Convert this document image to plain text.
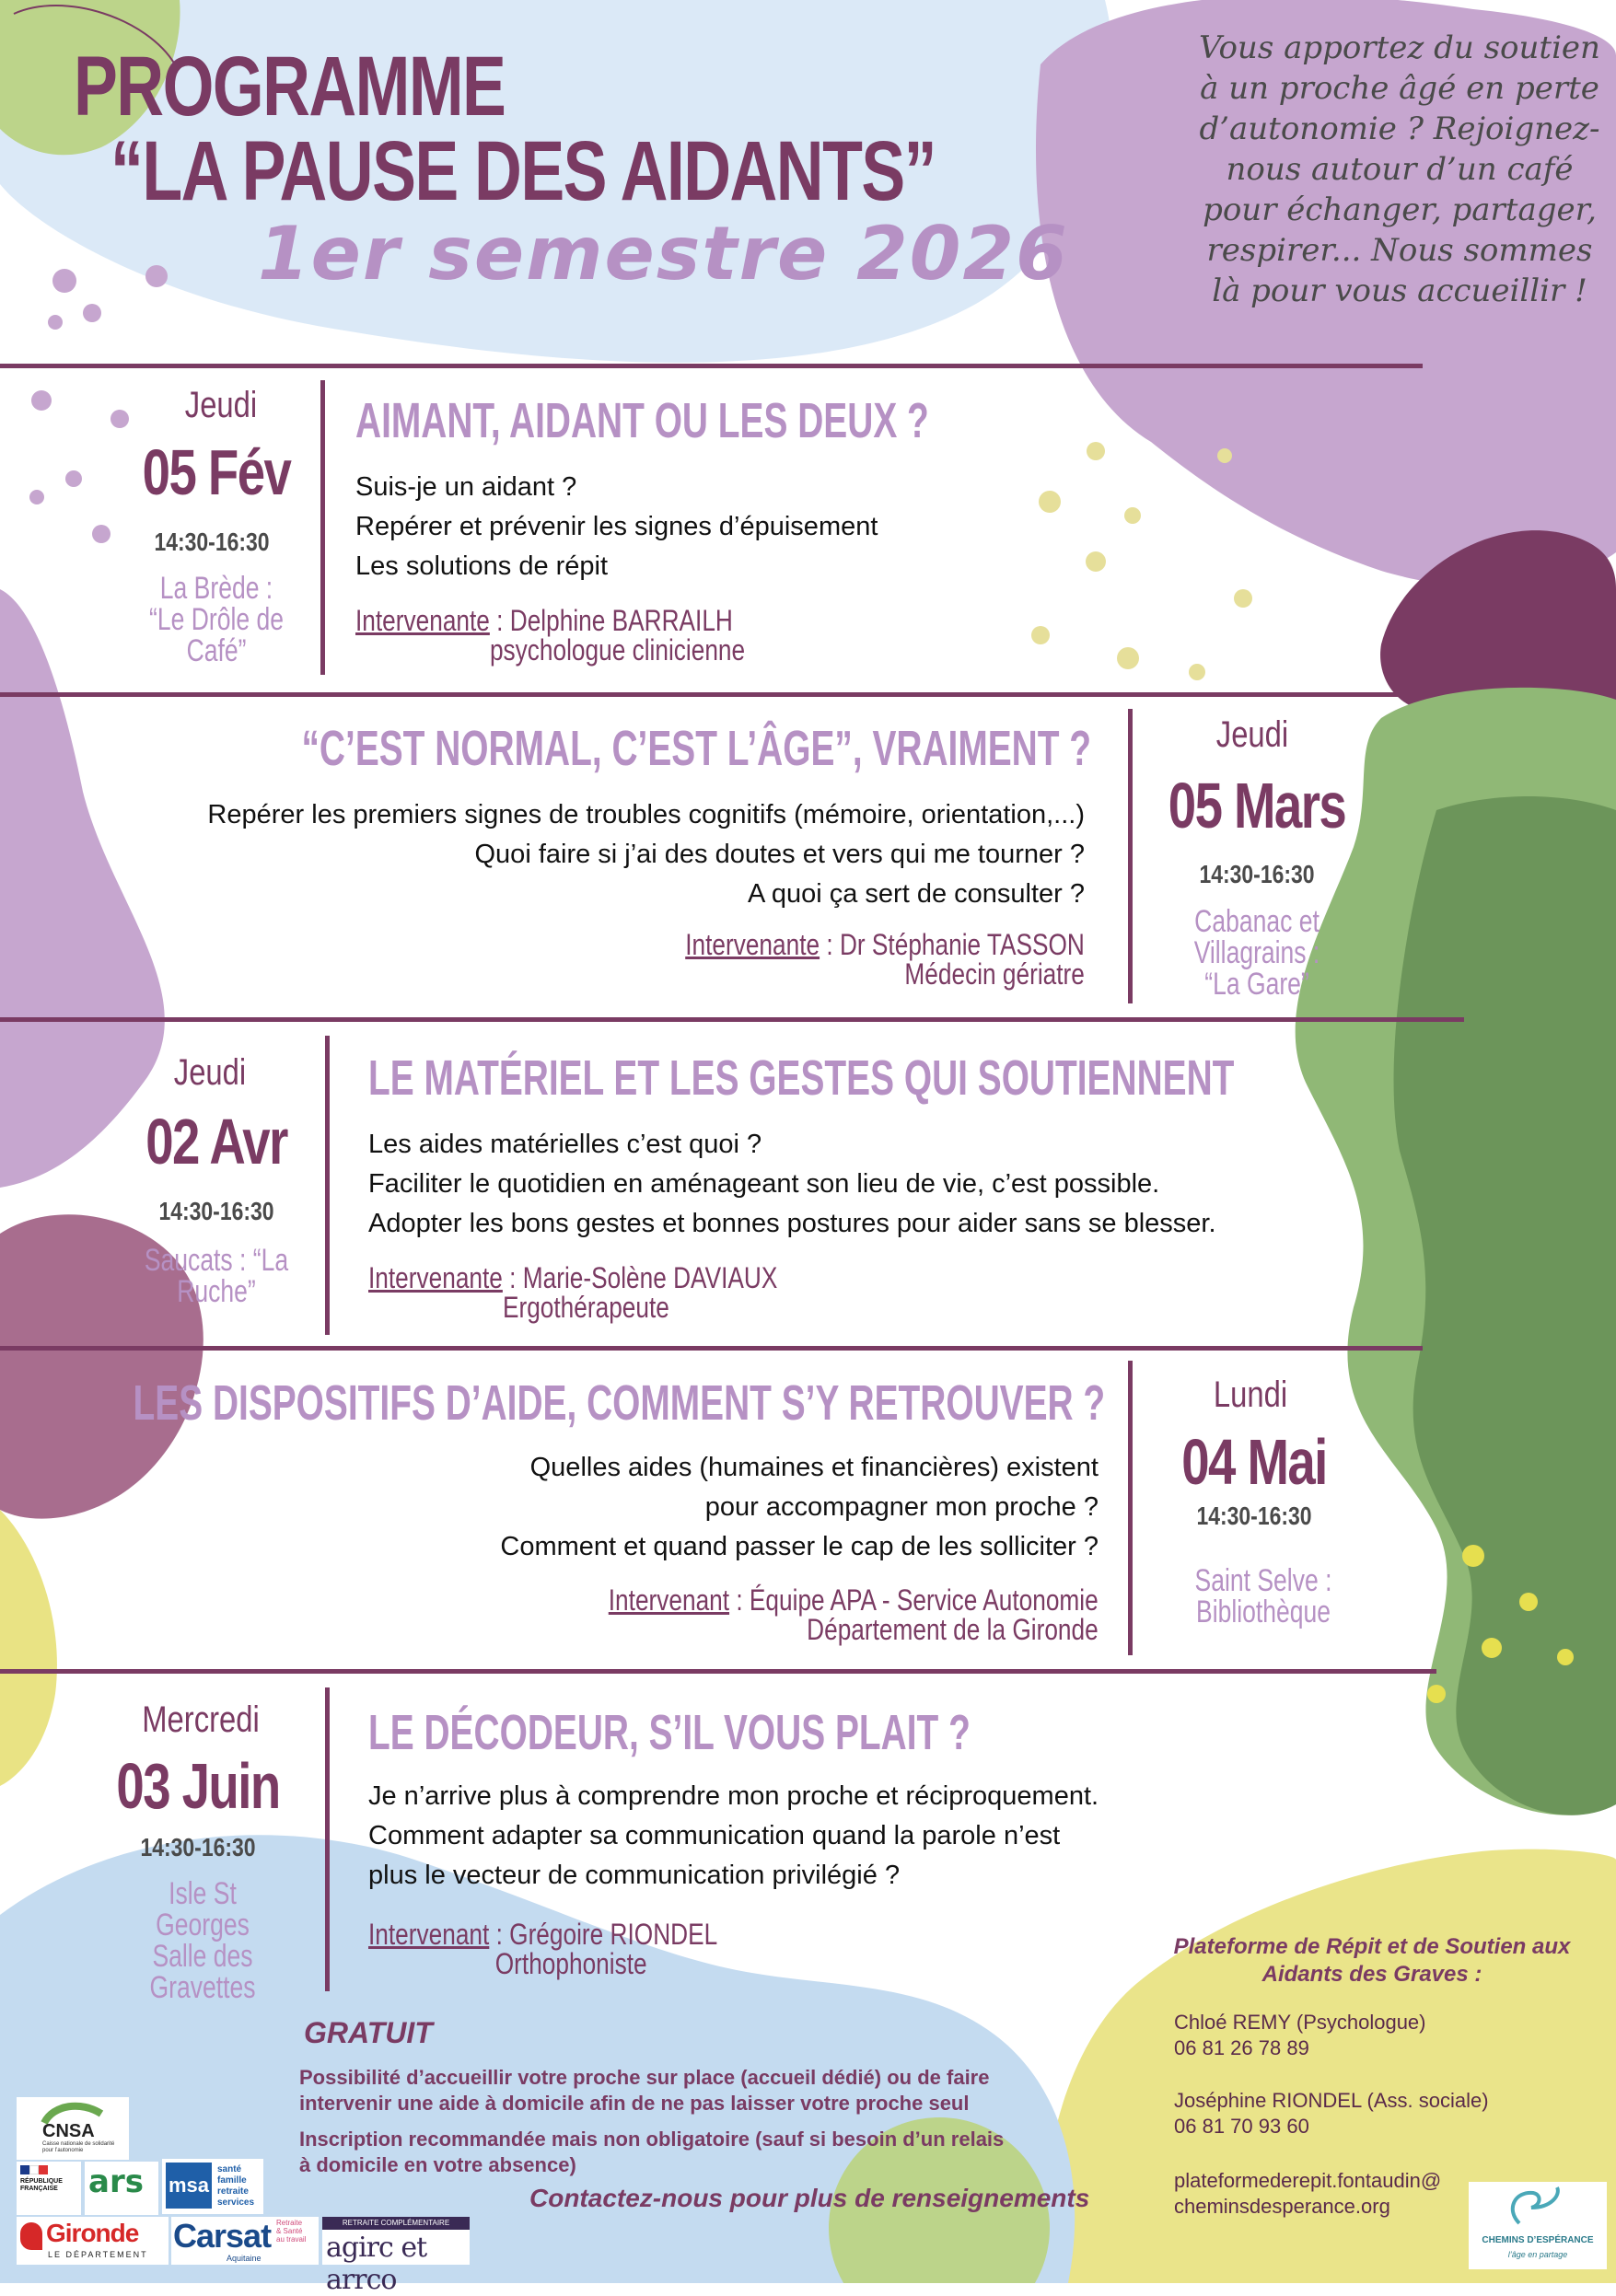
PROGRAMME
“LA PAUSE DES AIDANTS”
1er semestre 2026
Vous apportez du soutien à un proche âgé en perte d’autonomie ? Rejoignez-nous autour d’un café pour échanger, partager, respirer... Nous sommes là pour vous accueillir !
Jeudi
05 Fév
14:30-16:30
La Brède :
“Le Drôle de
Café”
AIMANT, AIDANT OU LES DEUX ?
Suis-je un aidant ?
Repérer et prévenir les signes d’épuisement
Les solutions de répit
Intervenante : Delphine BARRAILH
psychologue clinicienne
Jeudi
05 Mars
14:30-16:30
Cabanac et
Villagrains :
“La Gare”
“C’EST NORMAL, C’EST L’ÂGE”, VRAIMENT ?
Repérer les premiers signes de troubles cognitifs (mémoire, orientation,...)
Quoi faire si j’ai des doutes et vers qui me tourner ?
A quoi ça sert de consulter ?
Intervenante : Dr Stéphanie TASSON
Médecin gériatre
Jeudi
02 Avr
14:30-16:30
Saucats : “La
Ruche”
LE MATÉRIEL ET LES GESTES QUI SOUTIENNENT
Les aides matérielles c’est quoi ?
Faciliter le quotidien en aménageant son lieu de vie, c’est possible.
Adopter les bons gestes et bonnes postures pour aider sans se blesser.
Intervenante : Marie-Solène DAVIAUX
Ergothérapeute
Lundi
04 Mai
14:30-16:30
Saint Selve :
Bibliothèque
LES DISPOSITIFS D’AIDE, COMMENT S’Y RETROUVER ?
Quelles aides (humaines et financières) existent
pour accompagner mon proche ?
Comment et quand passer le cap de les solliciter ?
Intervenant : Équipe APA - Service Autonomie
Département de la Gironde
Mercredi
03 Juin
14:30-16:30
Isle St Georges
Salle des
Gravettes
LE DÉCODEUR, S’IL VOUS PLAIT ?
Je n’arrive plus à comprendre mon proche et réciproquement.
Comment adapter sa communication quand la parole n’est
plus le vecteur de communication privilégié ?
Intervenant : Grégoire RIONDEL
Orthophoniste
GRATUIT
Possibilité d’accueillir votre proche sur place (accueil dédié) ou de faire
intervenir une aide à domicile afin de ne pas laisser votre proche seul
Inscription recommandée mais non obligatoire (sauf si besoin d’un relais
à domicile en votre absence)
Contactez-nous pour plus de renseignements
Plateforme de Répit et de Soutien aux
Aidants des Graves :
Chloé REMY (Psychologue)
06 81 26 78 89
Joséphine RIONDEL (Ass. sociale)
06 81 70 93 60
plateformederepit.fontaudin@
cheminsdesperance.org
CNSA
Caisse nationale de solidarité pour l’autonomie
RÉPUBLIQUE FRANÇAISE ars msa
santé
famille
retraite
services
Gironde
LE DÉPARTEMENT Carsat
Aquitaine
Retraite
& Santé
au travail
RETRAITE COMPLÉMENTAIRE
agirc et arrco
CHEMINS D’ESPÉRANCE
l’âge en partage
